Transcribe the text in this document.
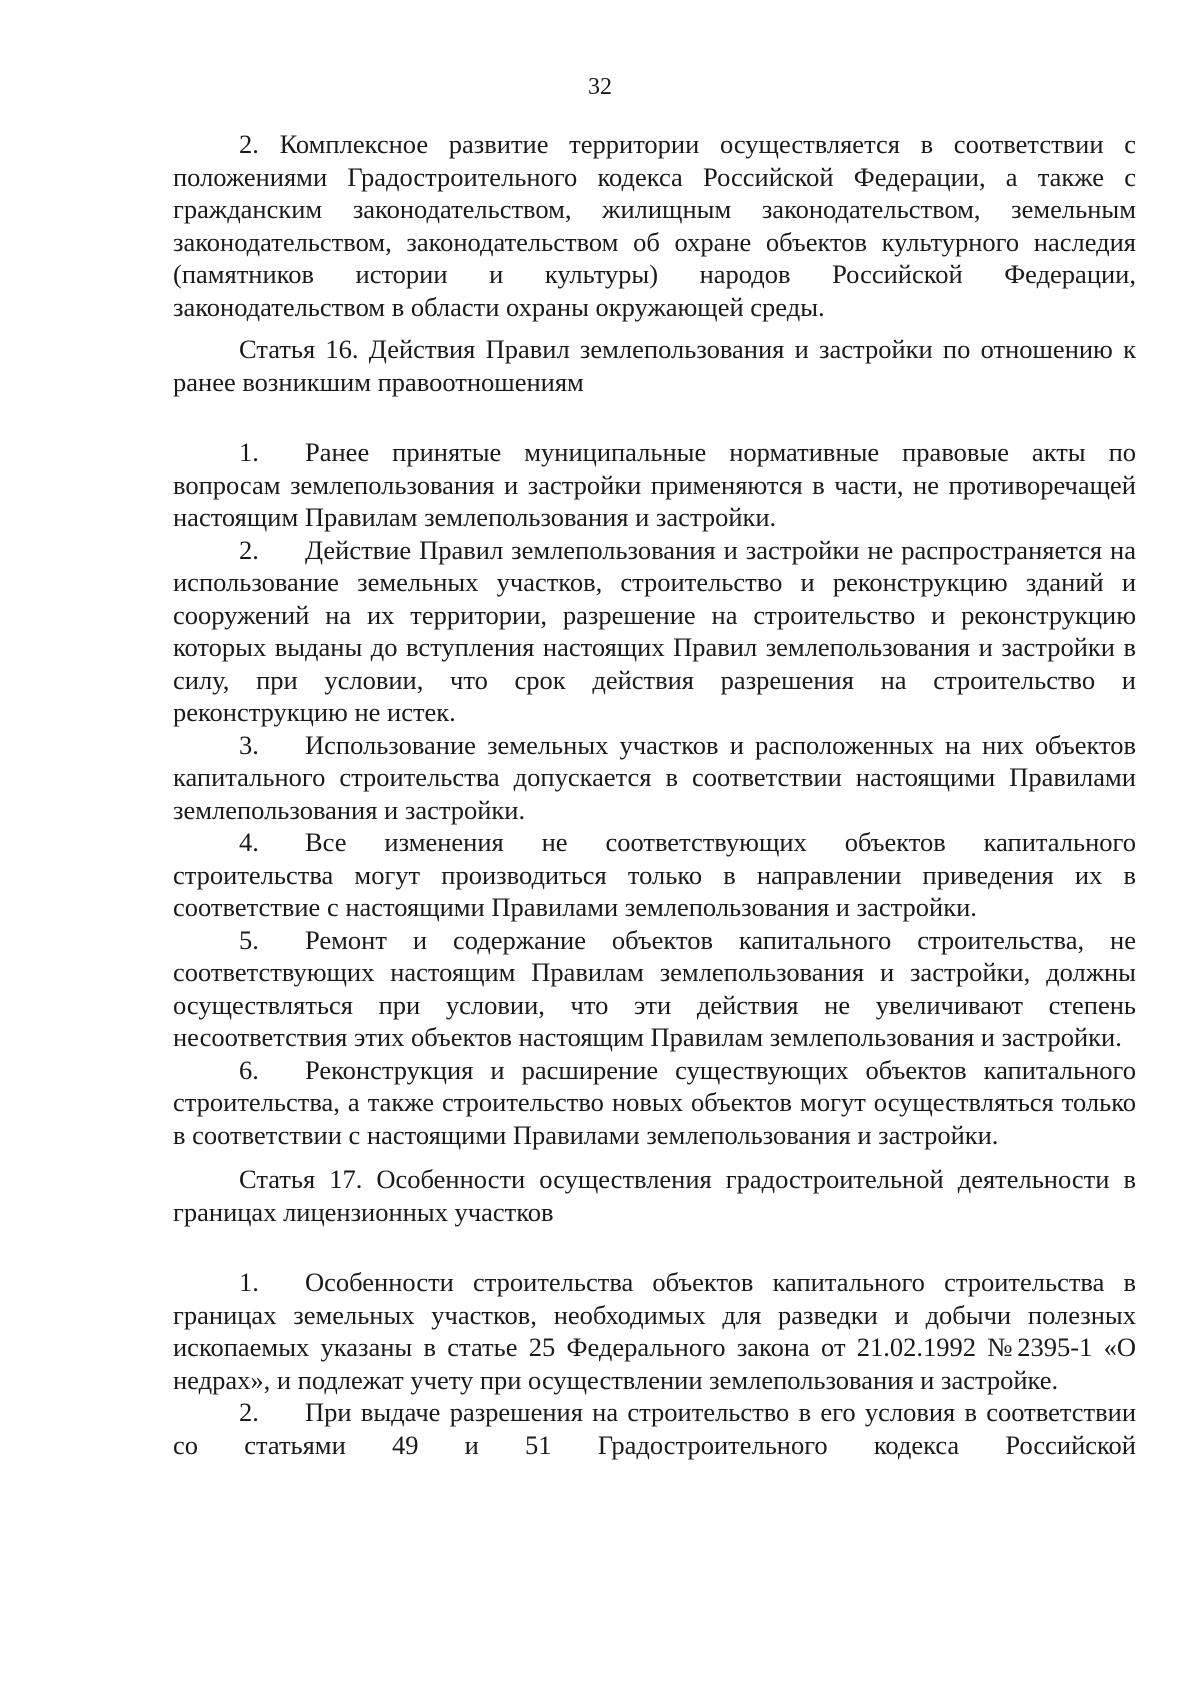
32

2. Комплексное развитие территории осуществляется в соответствии с положениями Градостроительного кодекса Российской Федерации, а также с гражданским законодательством, жилищным законодательством, земельным законодательством, законодательством об охране объектов культурного наследия (памятников истории и культуры) народов Российской Федерации, законодательством в области охраны окружающей среды.

Статья 16. Действия Правил землепользования и застройки по отношению к ранее возникшим правоотношениям

1. Ранее принятые муниципальные нормативные правовые акты по вопросам землепользования и застройки применяются в части, не противоречащей настоящим Правилам землепользования и застройки.

2. Действие Правил землепользования и застройки не распространяется на использование земельных участков, строительство и реконструкцию зданий и сооружений на их территории, разрешение на строительство и реконструкцию которых выданы до вступления настоящих Правил землепользования и застройки в силу, при условии, что срок действия разрешения на строительство и реконструкцию не истек.

3. Использование земельных участков и расположенных на них объектов капитального строительства допускается в соответствии настоящими Правилами землепользования и застройки.

4. Все изменения не соответствующих объектов капитального строительства могут производиться только в направлении приведения их в соответствие с настоящими Правилами землепользования и застройки.

5. Ремонт и содержание объектов капитального строительства, не соответствующих настоящим Правилам землепользования и застройки, должны осуществляться при условии, что эти действия не увеличивают степень несоответствия этих объектов настоящим Правилам землепользования и застройки.

6. Реконструкция и расширение существующих объектов капитального строительства, а также строительство новых объектов могут осуществляться только в соответствии с настоящими Правилами землепользования и застройки.

Статья 17. Особенности осуществления градостроительной деятельности в границах лицензионных участков

1. Особенности строительства объектов капитального строительства в границах земельных участков, необходимых для разведки и добычи полезных ископаемых указаны в статье 25 Федерального закона от 21.02.1992 №2395-1 «О недрах», и подлежат учету при осуществлении землепользования и застройке.

2. При выдаче разрешения на строительство в его условия в соответствии со статьями 49 и 51 Градостроительного кодекса Российской
